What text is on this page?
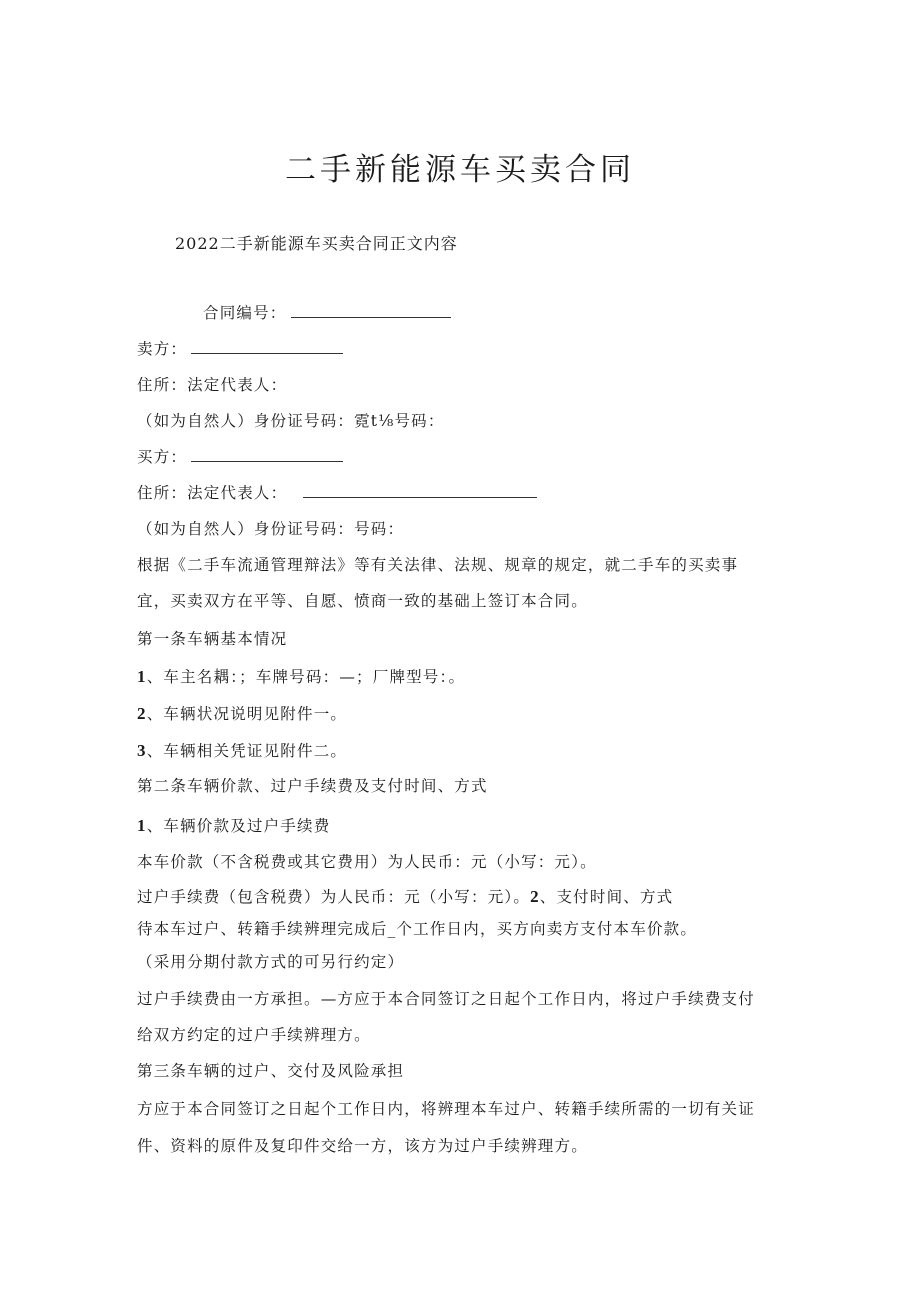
二手新能源车买卖合同
2022二手新能源车买卖合同正文内容
合同编号：
卖方：
住所：法定代表人：
（如为自然人）身份证号码：霓t⅛号码：
买方：
住所：法定代表人：
（如为自然人）身份证号码：号码：
根据《二手车流通管理辩法》等有关法律、法规、规章的规定，就二手车的买卖事
宜，买卖双方在平等、自愿、愤商一致的基础上签订本合同。
第一条车辆基本情况
1、车主名耦：；车牌号码：—；厂牌型号：。
2、车辆状况说明见附件一。
3、车辆相关凭证见附件二。
第二条车辆价款、过户手续费及支付时间、方式
1、车辆价款及过户手续费
本车价款（不含税费或其它费用）为人民币：元（小写：元）。
过户手续费（包含税费）为人民币：元（小写：元）。2、支付时间、方式
待本车过户、转籍手续辨理完成后_个工作日内，买方向卖方支付本车价款。
（采用分期付款方式的可另行约定）
过户手续费由一方承担。—方应于本合同签订之日起个工作日内，将过户手续费支付
给双方约定的过户手续辨理方。
第三条车辆的过户、交付及风险承担
方应于本合同签订之日起个工作日内，将辨理本车过户、转籍手续所需的一切有关证
件、资料的原件及复印件交给一方，该方为过户手续辨理方。
